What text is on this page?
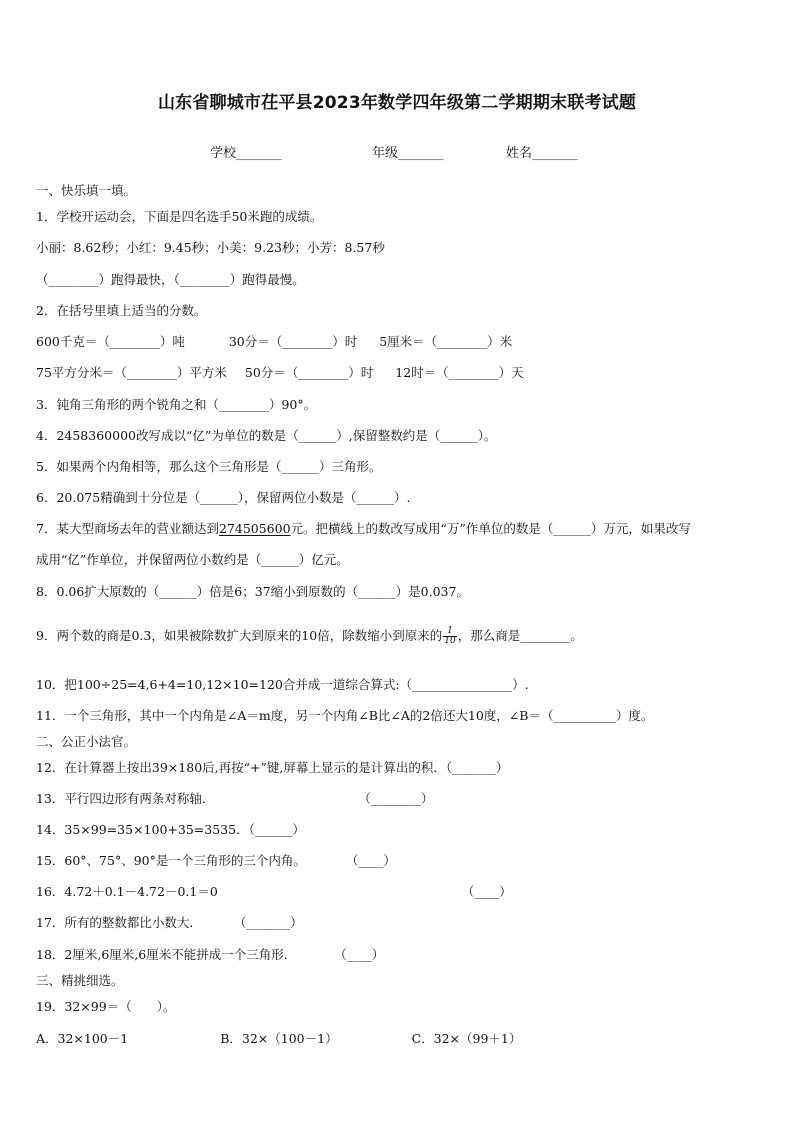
山东省聊城市茌平县2023年数学四年级第二学期期末联考试题
学校_______	年级_______	姓名_______
一、快乐填一填。
1．学校开运动会，下面是四名选手50米跑的成绩。
小丽：8.62秒；小红：9.45秒；小美：9.23秒；小芳：8.57秒
（________）跑得最快，（________）跑得最慢。
2．在括号里填上适当的分数。
600千克＝（________）吨	30分＝（________）时 5厘米＝（________）米
75平方分米＝（________）平方米 50分＝（________）时 12时＝（________）天
3．钝角三角形的两个锐角之和（________）90°。
4．2458360000改写成以“亿”为单位的数是（______）,保留整数约是（______）。
5．如果两个内角相等，那么这个三角形是（______）三角形。
6．20.075精确到十分位是（______），保留两位小数是（______）.
7．某大型商场去年的营业额达到274505600元。把横线上的数改写成用“万”作单位的数是（______）万元，如果改写
成用“亿”作单位，并保留两位小数约是（______）亿元。
8．0.06扩大原数的（______）倍是6；37缩小到原数的（______）是0.037。
9．两个数的商是0.3，如果被除数扩大到原来的10倍，除数缩小到原来的 $\frac{1}{10}$ ，那么商是________。
10．把100÷25=4,6+4=10,12×10=120合并成一道综合算式:（________________）.
11．一个三角形，其中一个内角是∠A＝m度，另一个内角∠B比∠A的2倍还大10度，∠B＝（__________）度。
二、公正小法官。
12．在计算器上按出39×180后,再按“+”键,屏幕上显示的是计算出的积．（_______）
13．平行四边形有两条对称轴．	（________）
14．35×99=35×100+35=3535．（______）
15．60°、75°、90°是一个三角形的三个内角。	（____）
16．4.72＋0.1－4.72－0.1＝0	（____）
17．所有的整数都比小数大．	（_______）
18．2厘米,6厘米,6厘米不能拼成一个三角形．	（____）
三、精挑细选。
19．32×99＝（　　）。
A．32×100－1	B．32×（100－1）	C．32×（99＋1）
